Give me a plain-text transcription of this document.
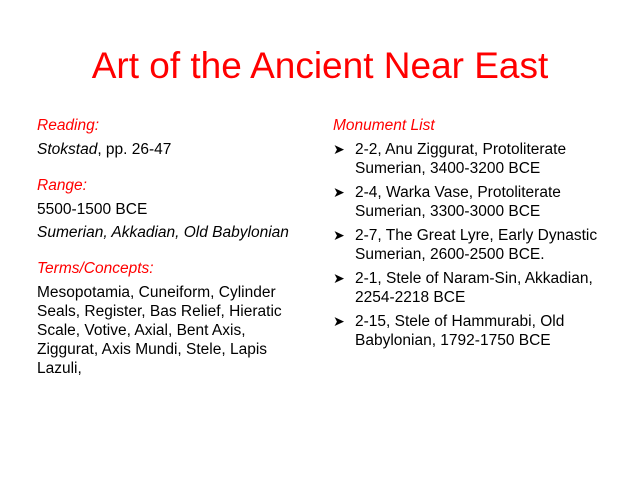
Art of the Ancient Near East
Reading:

Stokstad, pp. 26-47

Range:

5500-1500 BCE

Sumerian, Akkadian, Old Babylonian

Terms/Concepts:

Mesopotamia, Cuneiform, Cylinder Seals, Register, Bas Relief, Hieratic Scale, Votive, Axial, Bent Axis, Ziggurat, Axis Mundi, Stele, Lapis Lazuli,

Monument List
➤ 2-2, Anu Ziggurat, Protoliterate Sumerian, 3400-3200 BCE
➤ 2-4, Warka Vase, Protoliterate Sumerian, 3300-3000 BCE
➤ 2-7, The Great Lyre, Early Dynastic Sumerian, 2600-2500 BCE.
➤ 2-1, Stele of Naram-Sin, Akkadian, 2254-2218 BCE
➤ 2-15, Stele of Hammurabi, Old Babylonian, 1792-1750 BCE
